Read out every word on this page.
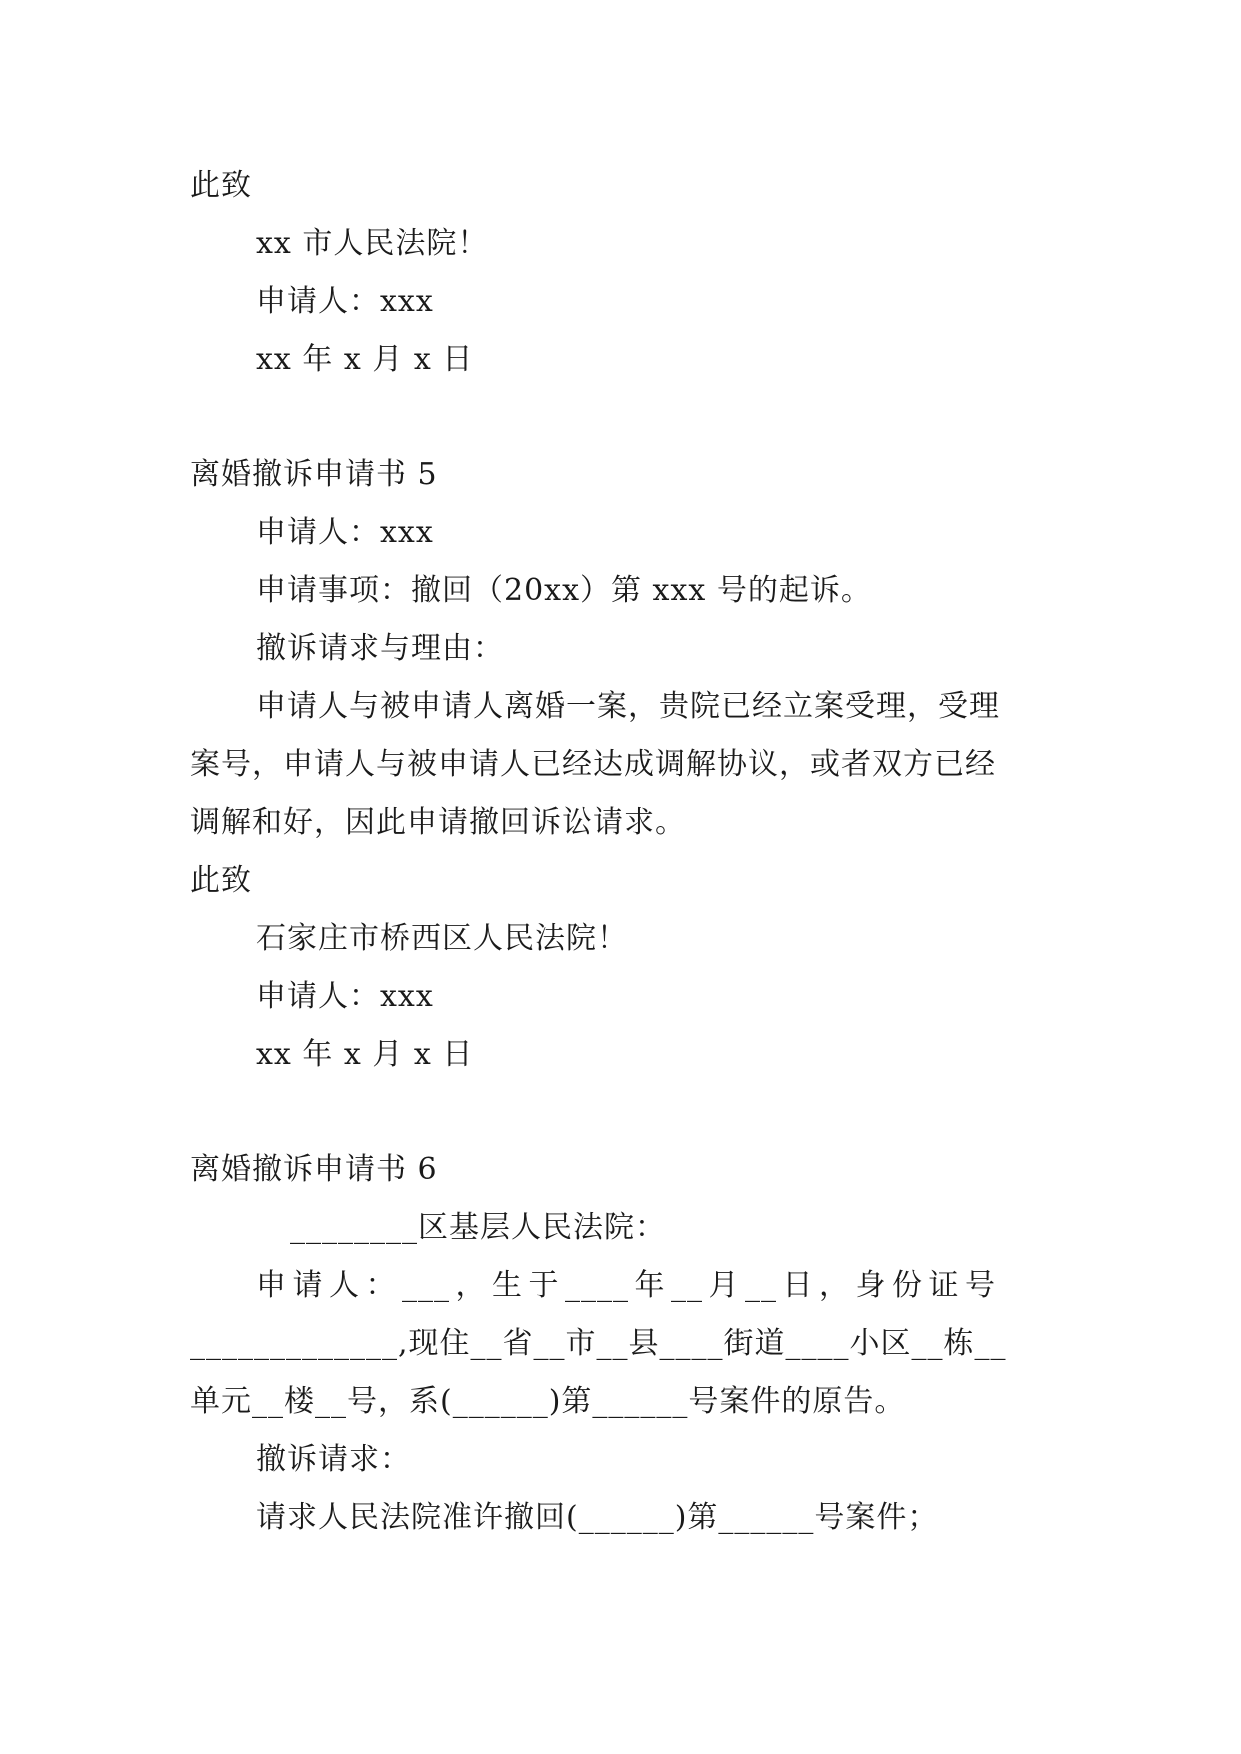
此致
xx 市人民法院！
申请人：xxx
xx 年 x 月 x 日
离婚撤诉申请书 5
申请人：xxx
申请事项：撤回（20xx）第 xxx 号的起诉。
撤诉请求与理由：
申请人与被申请人离婚一案，贵院已经立案受理，受理
案号，申请人与被申请人已经达成调解协议，或者双方已经
调解和好，因此申请撤回诉讼请求。
此致
石家庄市桥西区人民法院！
申请人：xxx
xx 年 x 月 x 日
离婚撤诉申请书 6
________区基层人民法院：
申请人：___，生于____年__月__日，身份证号
_____________,现住__省__市__县____街道____小区__栋__
单元__楼__号，系(______)第______号案件的原告。
撤诉请求：
请求人民法院准许撤回(______)第______号案件；
